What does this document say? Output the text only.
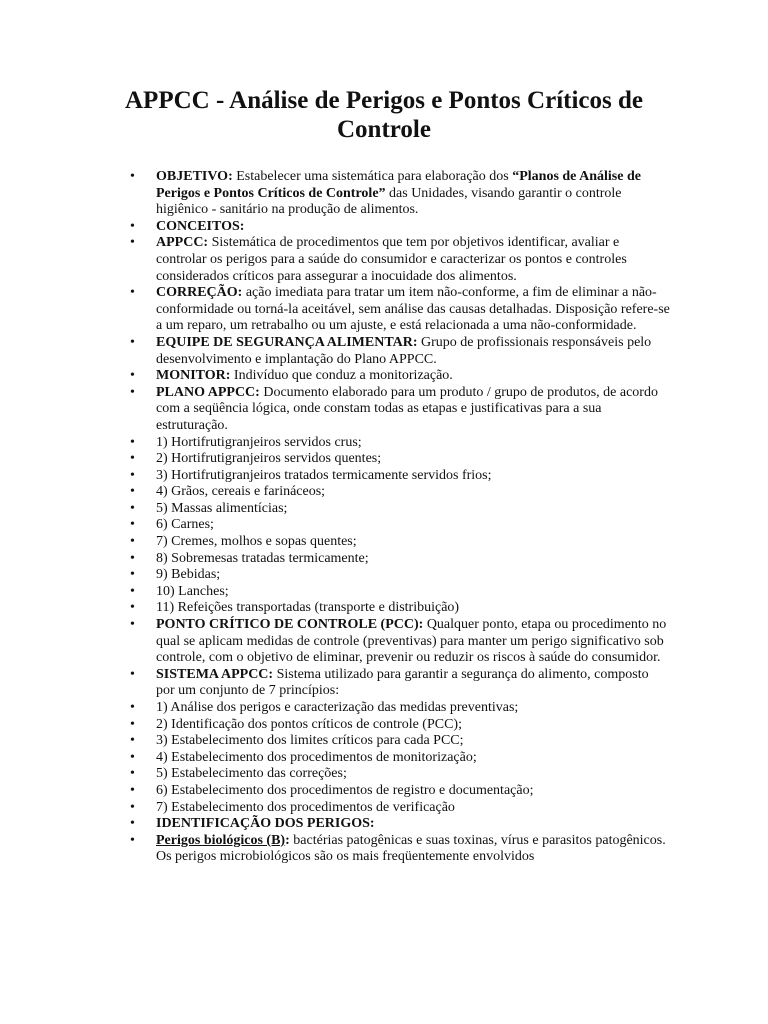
APPCC - Análise de Perigos e Pontos Críticos de Controle
• OBJETIVO: Estabelecer uma sistemática para elaboração dos “Planos de Análise de Perigos e Pontos Críticos de Controle” das Unidades, visando garantir o controle higiênico - sanitário na produção de alimentos.
• CONCEITOS:
• APPCC: Sistemática de procedimentos que tem por objetivos identificar, avaliar e controlar os perigos para a saúde do consumidor e caracterizar os pontos e controles considerados críticos para assegurar a inocuidade dos alimentos.
• CORREÇÃO: ação imediata para tratar um item não-conforme, a fim de eliminar a não-conformidade ou torná-la aceitável, sem análise das causas detalhadas. Disposição refere-se a um reparo, um retrabalho ou um ajuste, e está relacionada a uma não-conformidade.
• EQUIPE DE SEGURANÇA ALIMENTAR: Grupo de profissionais responsáveis pelo desenvolvimento e implantação do Plano APPCC.
• MONITOR: Indivíduo que conduz a monitorização.
• PLANO APPCC: Documento elaborado para um produto / grupo de produtos, de acordo com a seqüência lógica, onde constam todas as etapas e justificativas para a sua estruturação.
• 1) Hortifrutigranjeiros servidos crus;
• 2) Hortifrutigranjeiros servidos quentes;
• 3) Hortifrutigranjeiros tratados termicamente servidos frios;
• 4) Grãos, cereais e farináceos;
• 5) Massas alimentícias;
• 6) Carnes;
• 7) Cremes, molhos e sopas quentes;
• 8) Sobremesas tratadas termicamente;
• 9) Bebidas;
• 10) Lanches;
• 11) Refeições transportadas (transporte e distribuição)
• PONTO CRÍTICO DE CONTROLE (PCC): Qualquer ponto, etapa ou procedimento no qual se aplicam medidas de controle (preventivas) para manter um perigo significativo sob controle, com o objetivo de eliminar, prevenir ou reduzir os riscos à saúde do consumidor.
• SISTEMA APPCC: Sistema utilizado para garantir a segurança do alimento, composto por um conjunto de 7 princípios:
• 1) Análise dos perigos e caracterização das medidas preventivas;
• 2) Identificação dos pontos críticos de controle (PCC);
• 3) Estabelecimento dos limites críticos para cada PCC;
• 4) Estabelecimento dos procedimentos de monitorização;
• 5) Estabelecimento das correções;
• 6) Estabelecimento dos procedimentos de registro e documentação;
• 7) Estabelecimento dos procedimentos de verificação
• IDENTIFICAÇÃO DOS PERIGOS:
• Perigos biológicos (B): bactérias patogênicas e suas toxinas, vírus e parasitos patogênicos. Os perigos microbiológicos são os mais freqüentemente envolvidos
